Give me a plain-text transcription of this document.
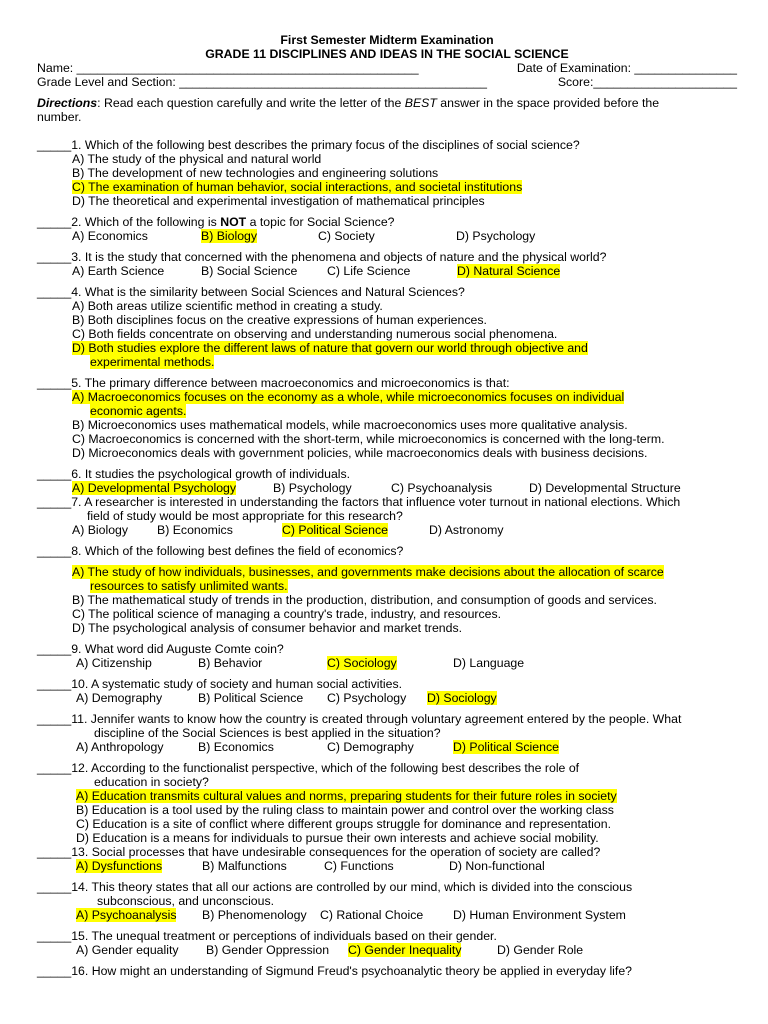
First Semester Midterm Examination
GRADE 11 DISCIPLINES AND IDEAS IN THE SOCIAL SCIENCE
Name: __________________________________________________	Date of Examination: _______________
Grade Level and Section: _____________________________________________	Score:_____________________
Directions: Read each question carefully and write the letter of the BEST answer in the space provided before the
number.
_____1. Which of the following best describes the primary focus of the disciplines of social science?
A) The study of the physical and natural world
B) The development of new technologies and engineering solutions
C) The examination of human behavior, social interactions, and societal institutions
D) The theoretical and experimental investigation of mathematical principles
_____2. Which of the following is NOT a topic for Social Science?
A) Economics	B) Biology	C) Society	D) Psychology
_____3. It is the study that concerned with the phenomena and objects of nature and the physical world?
A) Earth Science	B) Social Science C) Life Science	D) Natural Science
_____4. What is the similarity between Social Sciences and Natural Sciences?
A) Both areas utilize scientific method in creating a study.
B) Both disciplines focus on the creative expressions of human experiences.
C) Both fields concentrate on observing and understanding numerous social phenomena.
D) Both studies explore the different laws of nature that govern our world through objective and
experimental methods.
_____5. The primary difference between macroeconomics and microeconomics is that:
A) Macroeconomics focuses on the economy as a whole, while microeconomics focuses on individual
economic agents.
B) Microeconomics uses mathematical models, while macroeconomics uses more qualitative analysis.
C) Macroeconomics is concerned with the short-term, while microeconomics is concerned with the long-term.
D) Microeconomics deals with government policies, while macroeconomics deals with business decisions.
_____6. It studies the psychological growth of individuals.
A) Developmental Psychology	B) Psychology	C) Psychoanalysis	D) Developmental Structure
_____7. A researcher is interested in understanding the factors that influence voter turnout in national elections. Which
field of study would be most appropriate for this research?
A) Biology B) Economics	C) Political Science	D) Astronomy
_____8. Which of the following best defines the field of economics?
A) The study of how individuals, businesses, and governments make decisions about the allocation of scarce
resources to satisfy unlimited wants.
B) The mathematical study of trends in the production, distribution, and consumption of goods and services.
C) The political science of managing a country's trade, industry, and resources.
D) The psychological analysis of consumer behavior and market trends.
_____9. What word did Auguste Comte coin?
A) Citizenship	B) Behavior	C) Sociology	D) Language
_____10. A systematic study of society and human social activities.
A) Demography	B) Political Science C) Psychology D) Sociology
_____11. Jennifer wants to know how the country is created through voluntary agreement entered by the people. What
discipline of the Social Sciences is best applied in the situation?
A) Anthropology	B) Economics	C) Demography	D) Political Science
_____12. According to the functionalist perspective, which of the following best describes the role of
education in society?
A) Education transmits cultural values and norms, preparing students for their future roles in society
B) Education is a tool used by the ruling class to maintain power and control over the working class
C) Education is a site of conflict where different groups struggle for dominance and representation.
D) Education is a means for individuals to pursue their own interests and achieve social mobility.
_____13. Social processes that have undesirable consequences for the operation of society are called?
A) Dysfunctions	B) Malfunctions	C) Functions	D) Non-functional
_____14. This theory states that all our actions are controlled by our mind, which is divided into the conscious
subconscious, and unconscious.
A) Psychoanalysis B) Phenomenology C) Rational Choice D) Human Environment System
_____15. The unequal treatment or perceptions of individuals based on their gender.
A) Gender equality B) Gender Oppression C) Gender Inequality	D) Gender Role
_____16. How might an understanding of Sigmund Freud's psychoanalytic theory be applied in everyday life?
